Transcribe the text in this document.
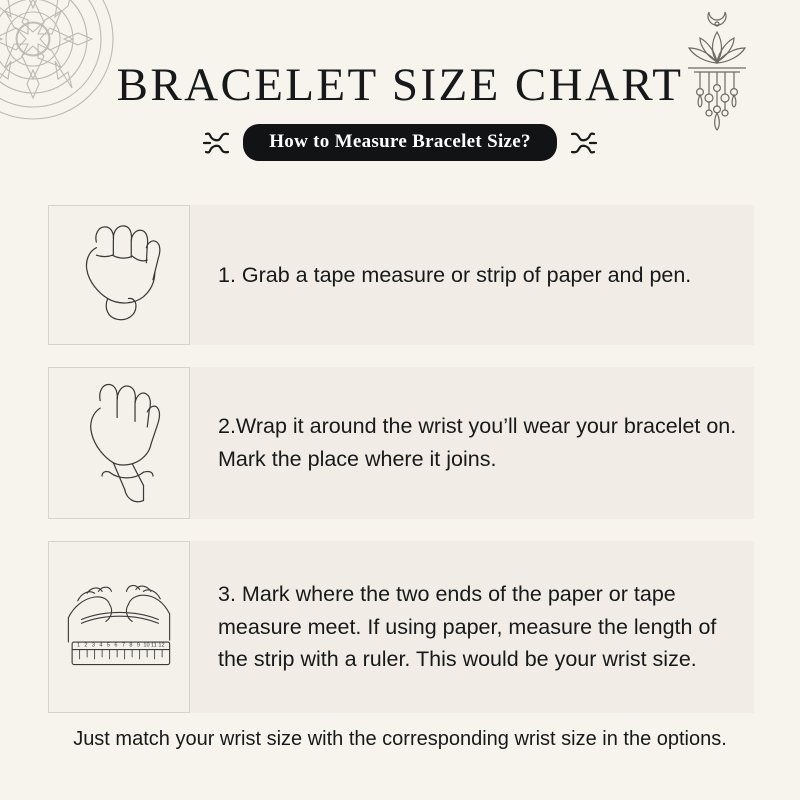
BRACELET SIZE CHART
How to Measure Bracelet Size?
1. Grab a tape measure or strip of paper and pen.
2.Wrap it around the wrist you’ll wear your bracelet on. Mark the place where it joins.
1 2 3 4 5 6 7 8 9 10 11 12
3. Mark where the two ends of the paper or tape measure meet. If using paper, measure the length of the strip with a ruler. This would be your wrist size.
Just match your wrist size with the corresponding wrist size in the options.
